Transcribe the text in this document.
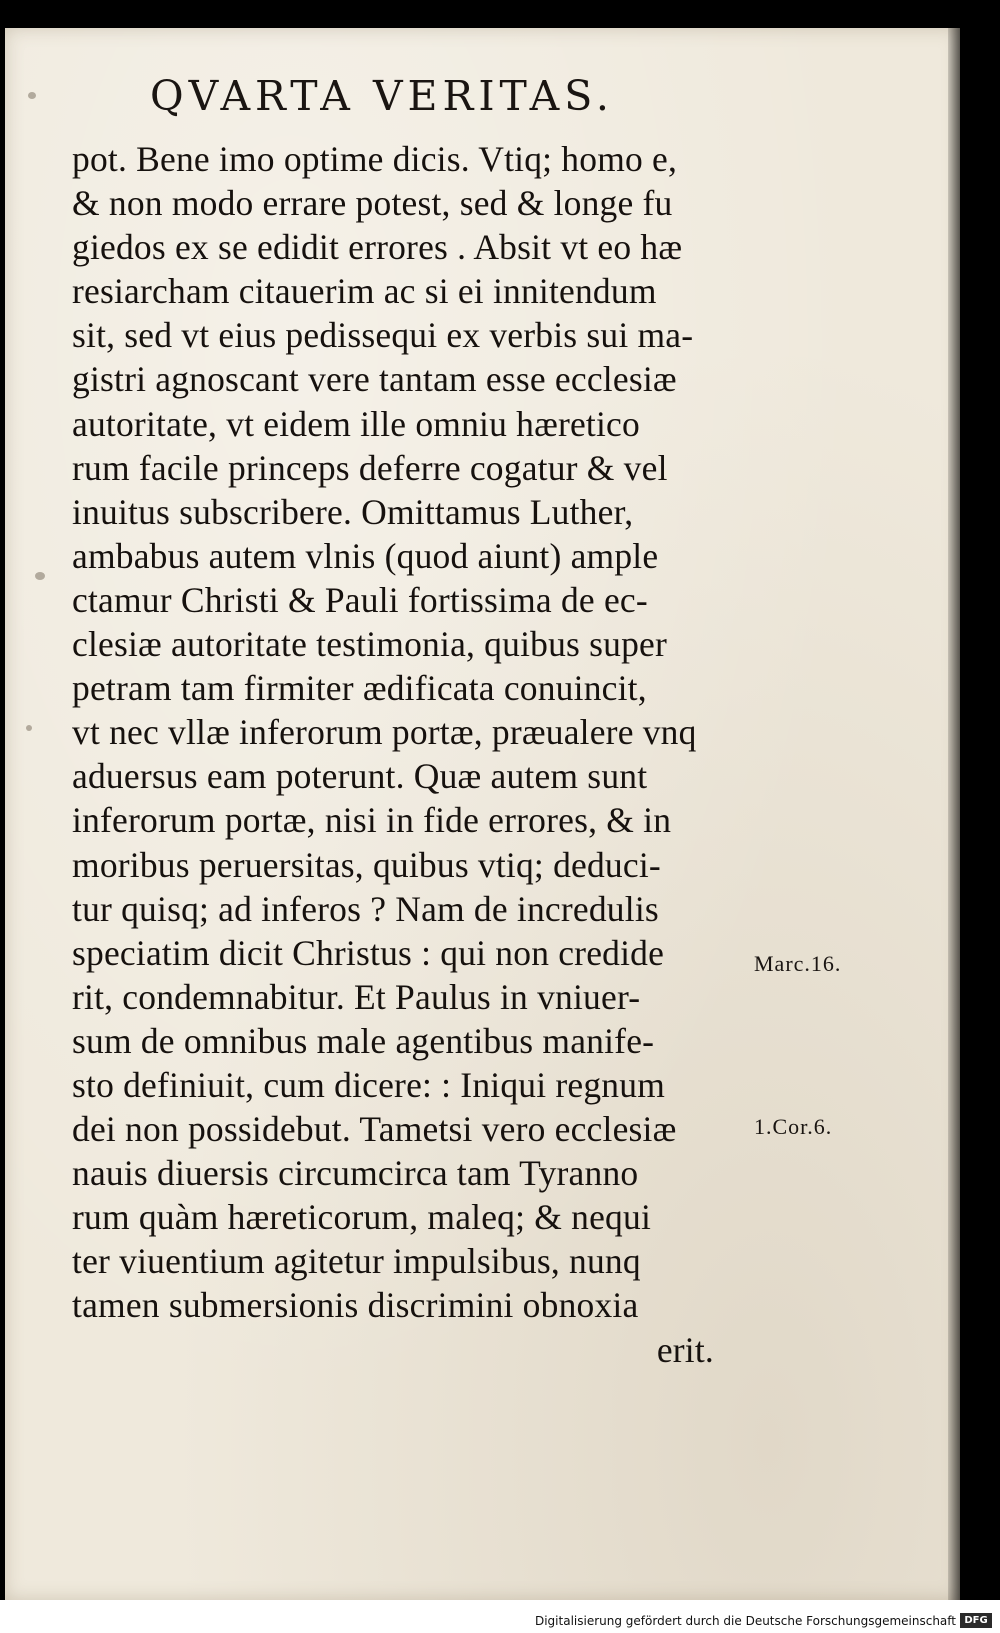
QVARTA VERITAS.
pot. Bene imo optime dicis. Vtiq; homo e,
& non modo errare potest, sed & longe fu
giedos ex se edidit errores . Absit vt eo hæ
resiarcham citauerim ac si ei innitendum
sit, sed vt eius pedissequi ex verbis sui ma-
gistri agnoscant vere tantam esse ecclesiæ
autoritate, vt eidem ille omniu hæretico
rum facile princeps deferre cogatur & vel
inuitus subscribere. Omittamus Luther,
ambabus autem vlnis (quod aiunt) ample
ctamur Christi & Pauli fortissima de ec-
clesiæ autoritate testimonia, quibus super
petram tam firmiter ædificata conuincit,
vt nec vllæ inferorum portæ, præualere vnq
aduersus eam poterunt. Quæ autem sunt
inferorum portæ, nisi in fide errores, & in
moribus peruersitas, quibus vtiq; deduci-
tur quisq; ad inferos ? Nam de incredulis
speciatim dicit Christus : qui non credide
rit, condemnabitur. Et Paulus in vniuer-
sum de omnibus male agentibus manife-
sto definiuit, cum dicere: : Iniqui regnum
dei non possidebut. Tametsi vero ecclesiæ
nauis diuersis circumcirca tam Tyranno
rum quàm hæreticorum, maleq; & nequi
ter viuentium agitetur impulsibus, nunq
tamen submersionis discrimini obnoxia
erit.
Marc.16.
1.Cor.6.
Digitalisierung gefördert durch die Deutsche Forschungsgemeinschaft DFG
